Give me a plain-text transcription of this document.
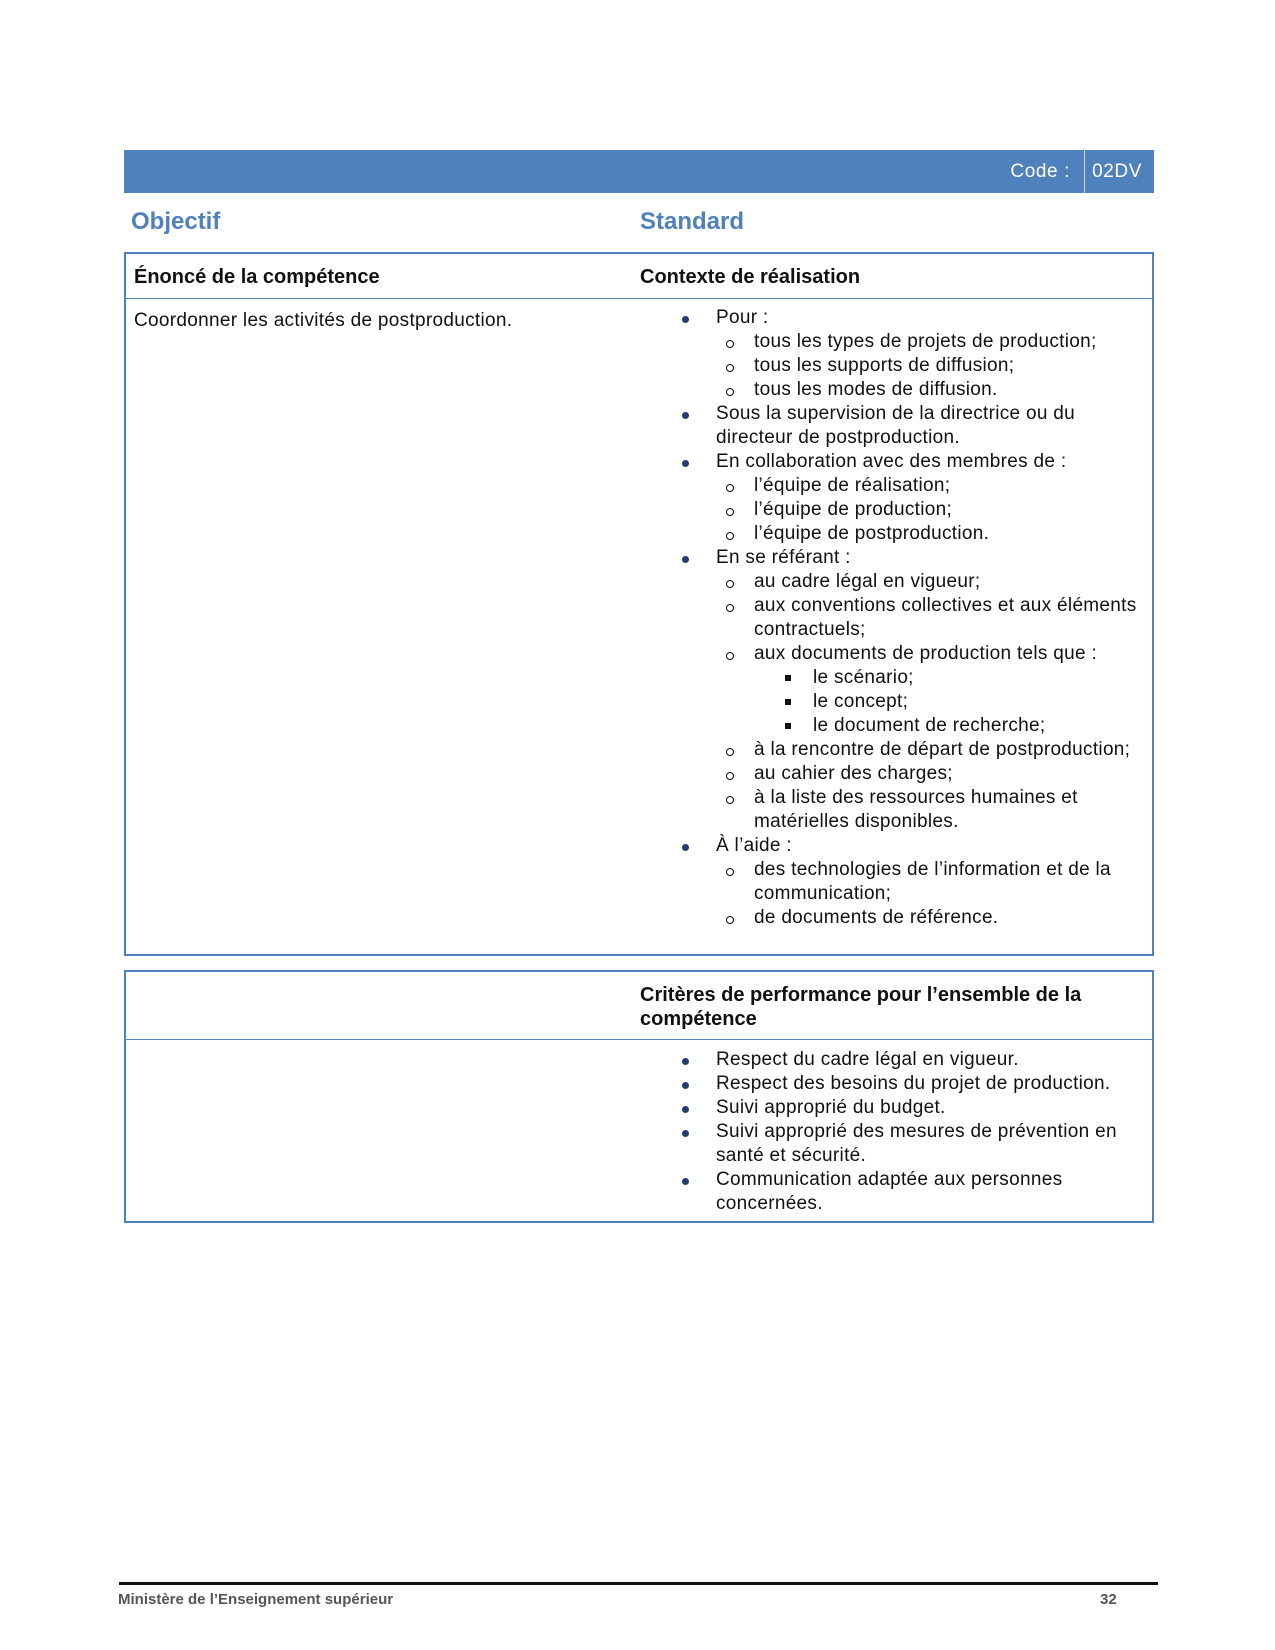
Code : 02DV
Objectif	Standard
Énoncé de la compétence	Contexte de réalisation
Coordonner les activités de postproduction.	Pour :
tous les types de projets de production;
tous les supports de diffusion;
tous les modes de diffusion.
Sous la supervision de la directrice ou du directeur de postproduction.
En collaboration avec des membres de :
l’équipe de réalisation;
l’équipe de production;
l’équipe de postproduction.
En se référant :
au cadre légal en vigueur;
aux conventions collectives et aux éléments contractuels;
aux documents de production tels que :
le scénario;
le concept;
le document de recherche;
à la rencontre de départ de postproduction;
au cahier des charges;
à la liste des ressources humaines et matérielles disponibles.
À l’aide :
des technologies de l’information et de la communication;
de documents de référence.
Critères de performance pour l’ensemble de la compétence
Respect du cadre légal en vigueur.
Respect des besoins du projet de production.
Suivi approprié du budget.
Suivi approprié des mesures de prévention en santé et sécurité.
Communication adaptée aux personnes concernées.
Ministère de l’Enseignement supérieur	32
